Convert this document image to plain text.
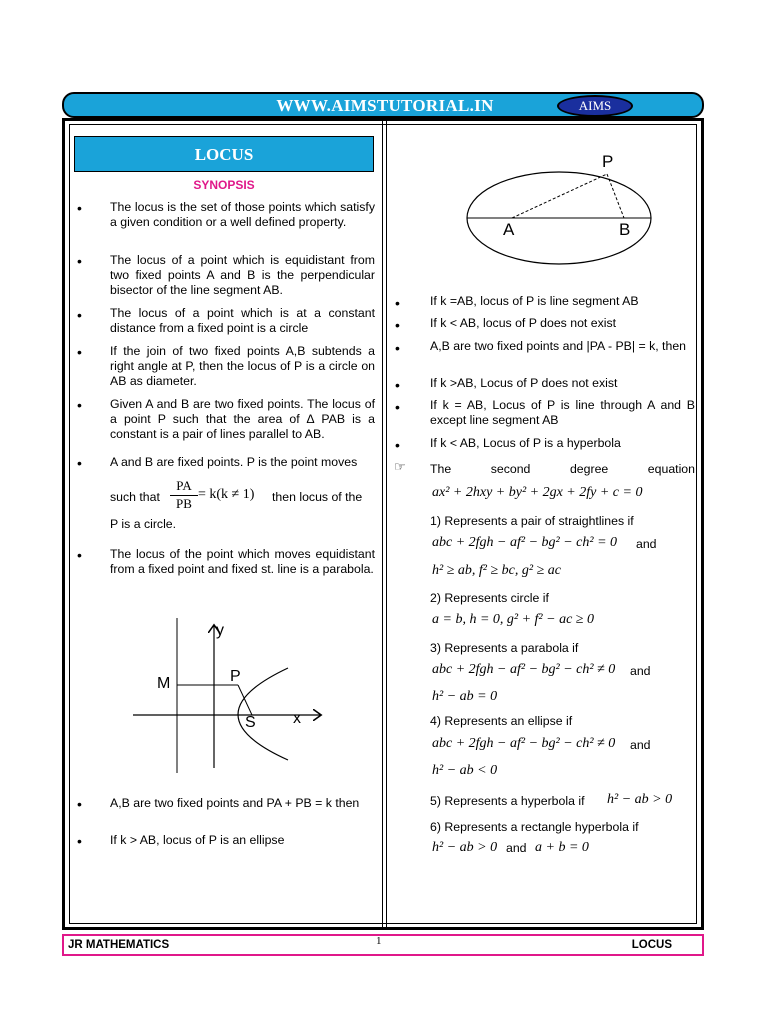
WWW.AIMSTUTORIAL.IN	AIMS
LOCUS
SYNOPSIS
• The locus is the set of those points which satisfy a given condition or a well defined property.
• The locus of a point which is equidistant from two fixed points A and B is the perpendicular bisector of the line segment AB.
• The locus of a point which is at a constant distance from a fixed point is a circle
• If the join of two fixed points A,B subtends a right angle at P, then the locus of P is a circle on AB as diameter.
• Given A and B are two fixed points. The locus of a point P such that the area of ∆ PAB is a constant is a pair of lines parallel to AB.
• A and B are fixed points. P is the point moves
such that $\frac{PA}{PB} = k(k \ne 1)$ then locus of the
P is a circle.
• The locus of the point which moves equidistant from a fixed point and fixed st. line is a parabola.
y
x
M	P
S
• A,B are two fixed points and PA + PB = k then
• If k > AB, locus of P is an ellipse
P
A	B
• If k =AB, locus of P is line segment AB
• If k < AB, locus of P does not exist
• A,B are two fixed points and |PA - PB| = k, then
• If k >AB, Locus of P does not exist
• If k = AB, Locus of P is line through A and B except line segment AB
• If k < AB, Locus of P is a hyperbola
☞ The second degree equation
ax² + 2hxy + by² + 2gx + 2fy + c = 0
1) Represents a pair of straightlines if
abc + 2fgh − af² − bg² − ch² = 0 and
h² ≥ ab, f² ≥ bc, g² ≥ ac
2) Represents circle if
a = b, h = 0, g² + f² − ac ≥ 0
3) Represents a parabola if
abc + 2fgh − af² − bg² − ch² ≠ 0 and
h² − ab = 0
4) Represents an ellipse if
abc + 2fgh − af² − bg² − ch² ≠ 0 and
h² − ab < 0
5) Represents a hyperbola if h² − ab > 0
6) Represents a rectangle hyperbola if
h² − ab > 0 and a + b = 0
JR MATHEMATICS	1	LOCUS
